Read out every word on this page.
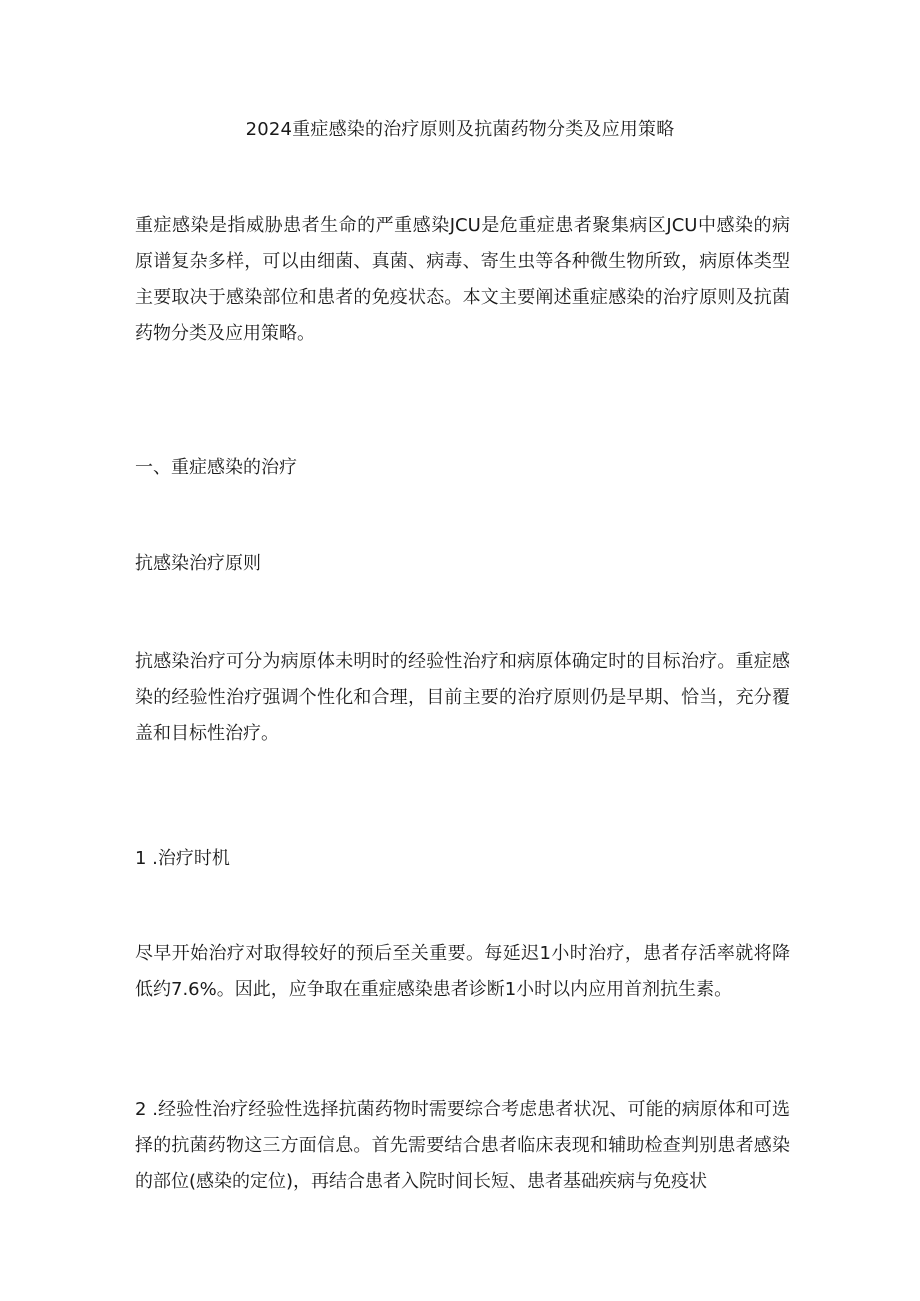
2024重症感染的治疗原则及抗菌药物分类及应用策略

重症感染是指威胁患者生命的严重感染JCU是危重症患者聚集病区JCU中感染的病原谱复杂多样，可以由细菌、真菌、病毒、寄生虫等各种微生物所致，病原体类型主要取决于感染部位和患者的免疫状态。本文主要阐述重症感染的治疗原则及抗菌药物分类及应用策略。

一、重症感染的治疗
抗感染治疗原则

抗感染治疗可分为病原体未明时的经验性治疗和病原体确定时的目标治疗。重症感染的经验性治疗强调个性化和合理，目前主要的治疗原则仍是早期、恰当，充分覆盖和目标性治疗。

1 .治疗时机

尽早开始治疗对取得较好的预后至关重要。每延迟1小时治疗，患者存活率就将降低约7.6%。因此，应争取在重症感染患者诊断1小时以内应用首剂抗生素。

2 .经验性治疗经验性选择抗菌药物时需要综合考虑患者状况、可能的病原体和可选择的抗菌药物这三方面信息。首先需要结合患者临床表现和辅助检查判别患者感染的部位(感染的定位)，再结合患者入院时间长短、患者基础疾病与免疫状
